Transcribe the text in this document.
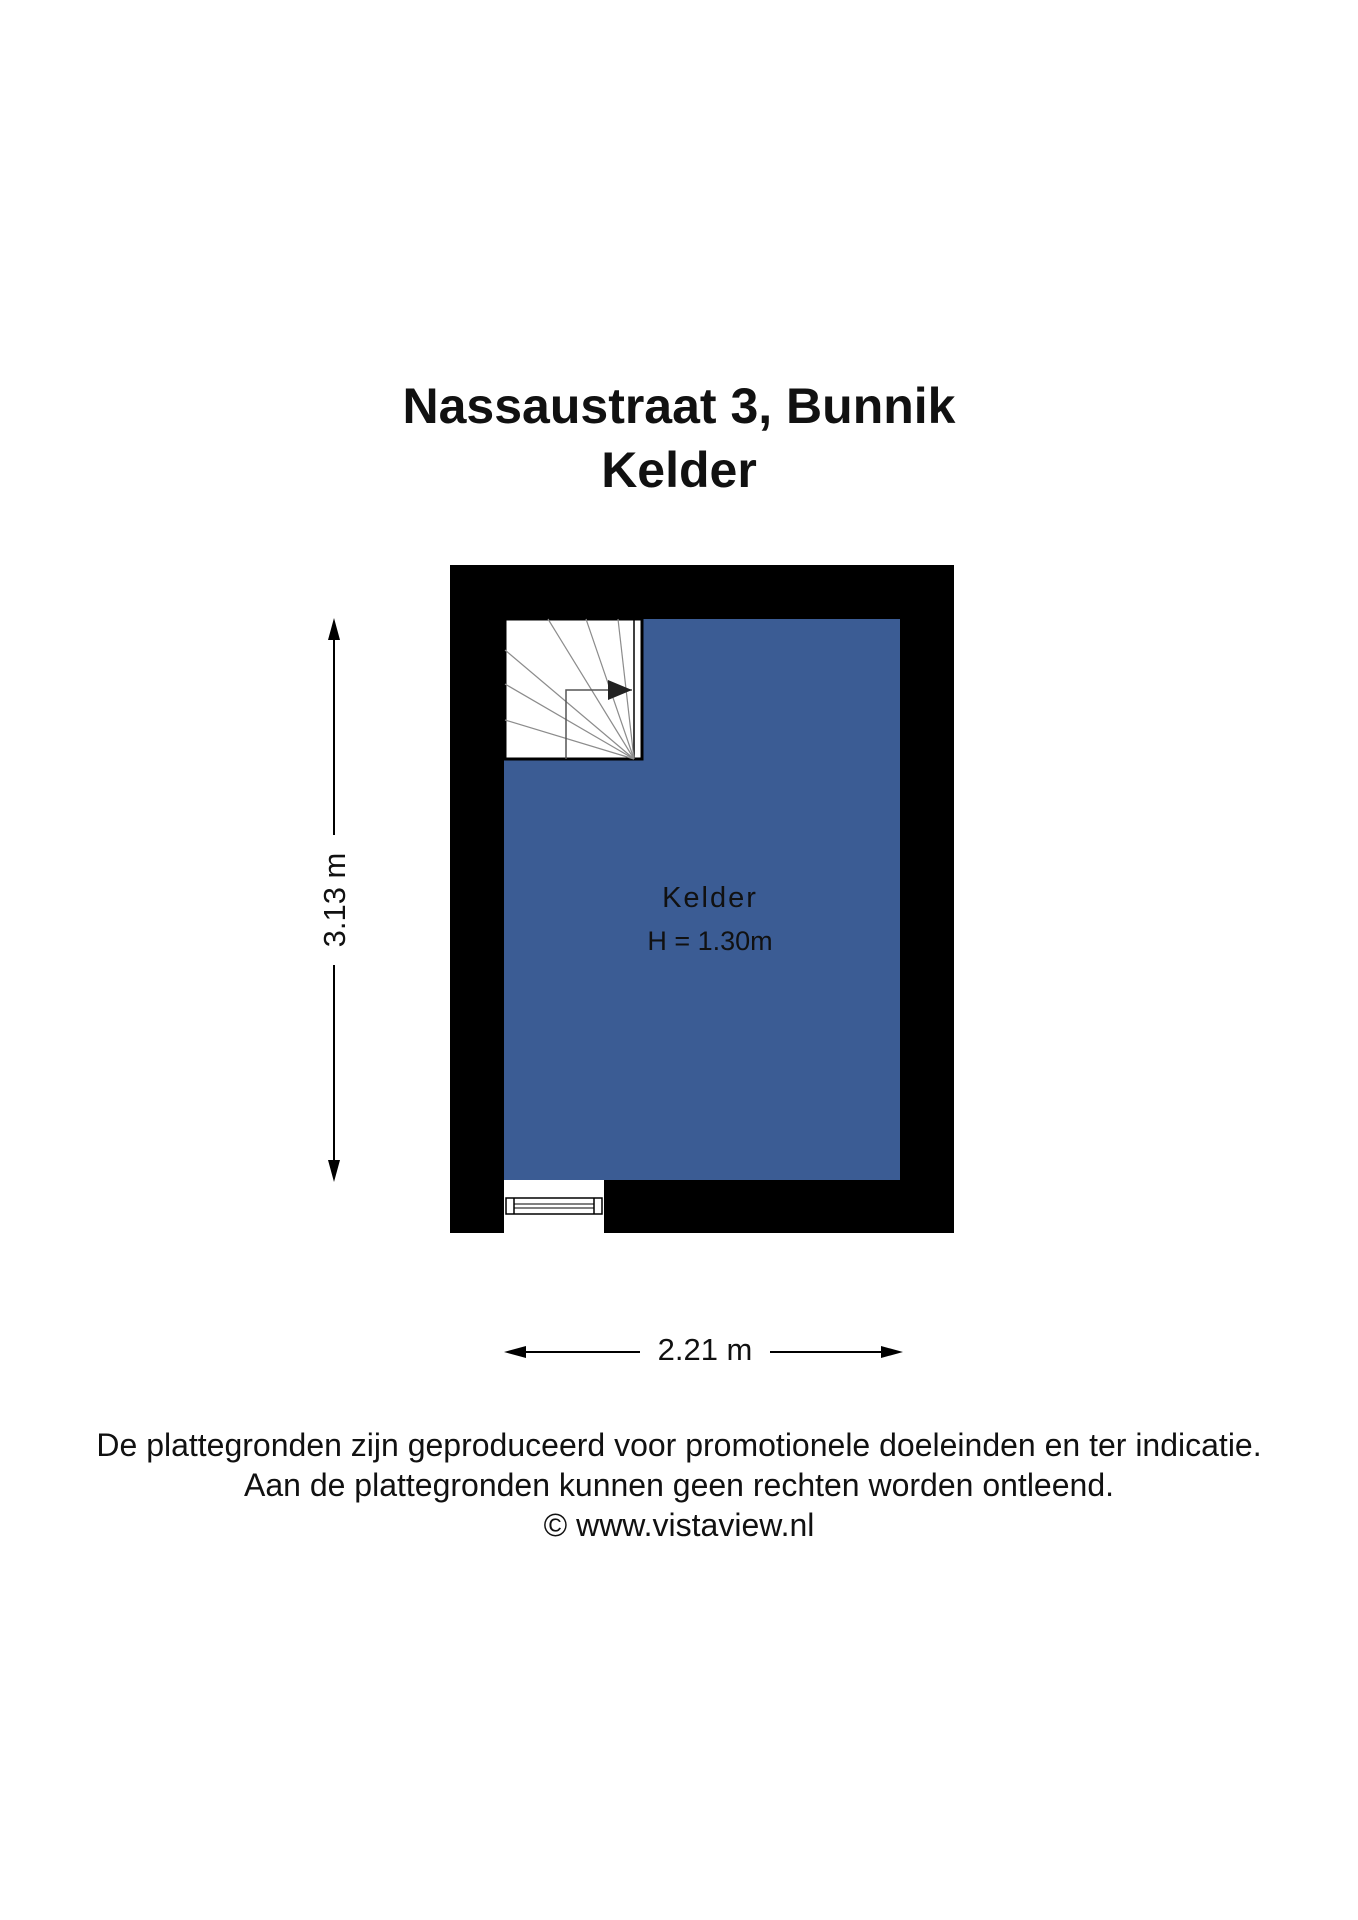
Nassaustraat 3, Bunnik
Kelder
Kelder
H = 1.30m
3.13 m
2.21 m
De plattegronden zijn geproduceerd voor promotionele doeleinden en ter indicatie.
Aan de plattegronden kunnen geen rechten worden ontleend.
© www.vistaview.nl
